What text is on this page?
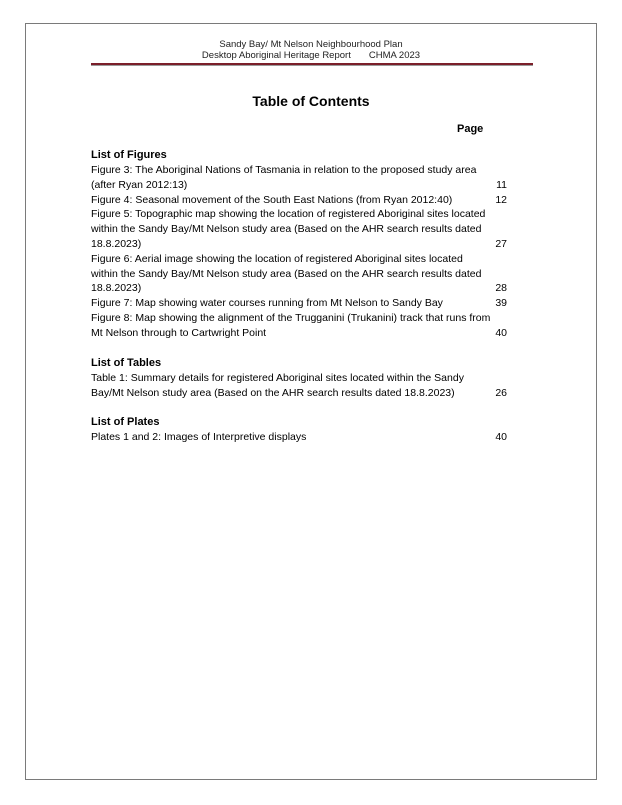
Sandy Bay/ Mt Nelson Neighbourhood Plan
Desktop Aboriginal Heritage Report CHMA 2023
Table of Contents
Page
List of Figures
Figure 3: The Aboriginal Nations of Tasmania in relation to the proposed study area (after Ryan 2012:13)	11
Figure 4: Seasonal movement of the South East Nations (from Ryan 2012:40)	12
Figure 5: Topographic map showing the location of registered Aboriginal sites located within the Sandy Bay/Mt Nelson study area (Based on the AHR search results dated 18.8.2023)	27
Figure 6: Aerial image showing the location of registered Aboriginal sites located within the Sandy Bay/Mt Nelson study area (Based on the AHR search results dated 18.8.2023)	28
Figure 7: Map showing water courses running from Mt Nelson to Sandy Bay	39
Figure 8: Map showing the alignment of the Trugganini (Trukanini) track that runs from Mt Nelson through to Cartwright Point	40
List of Tables
Table 1: Summary details for registered Aboriginal sites located within the Sandy Bay/Mt Nelson study area (Based on the AHR search results dated 18.8.2023)	26
List of Plates
Plates 1 and 2: Images of Interpretive displays	40
